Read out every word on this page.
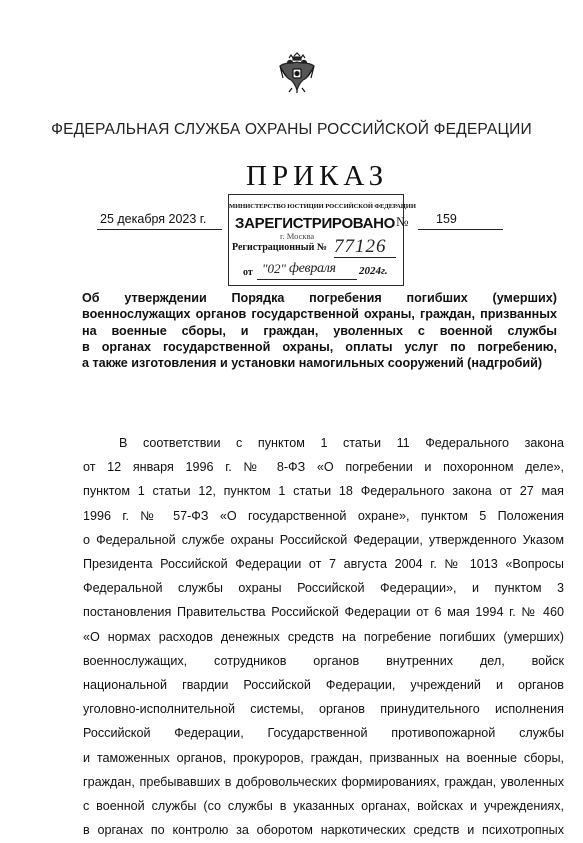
ФЕДЕРАЛЬНАЯ СЛУЖБА ОХРАНЫ РОССИЙСКОЙ ФЕДЕРАЦИИ
ПРИКАЗ
г. Москва
25 декабря 2023 г.	№ 159
МИНИСТЕРСТВО ЮСТИЦИИ РОССИЙСКОЙ ФЕДЕРАЦИИ
ЗАРЕГИСТРИРОВАНО
Регистрационный № 77126
от "02" февраля 2024г.
Об утверждении Порядка погребения погибших (умерших)
военнослужащих органов государственной охраны, граждан, призванных
на военные сборы, и граждан, уволенных с военной службы
в органах государственной охраны, оплаты услуг по погребению,
а также изготовления и установки намогильных сооружений (надгробий)
В соответствии с пунктом 1 статьи 11 Федерального закона
от 12 января 1996 г. № 8-ФЗ «О погребении и похоронном деле»,
пунктом 1 статьи 12, пунктом 1 статьи 18 Федерального закона от 27 мая
1996 г. № 57-ФЗ «О государственной охране», пунктом 5 Положения
о Федеральной службе охраны Российской Федерации, утвержденного Указом
Президента Российской Федерации от 7 августа 2004 г. № 1013 «Вопросы
Федеральной службы охраны Российской Федерации», и пунктом 3
постановления Правительства Российской Федерации от 6 мая 1994 г. № 460
«О нормах расходов денежных средств на погребение погибших (умерших)
военнослужащих, сотрудников органов внутренних дел, войск
национальной гвардии Российской Федерации, учреждений и органов
уголовно-исполнительной системы, органов принудительного исполнения
Российской Федерации, Государственной противопожарной службы
и таможенных органов, прокуроров, граждан, призванных на военные сборы,
граждан, пребывавших в добровольческих формированиях, граждан, уволенных
с военной службы (со службы в указанных органах, войсках и учреждениях,
в органах по контролю за оборотом наркотических средств и психотропных
